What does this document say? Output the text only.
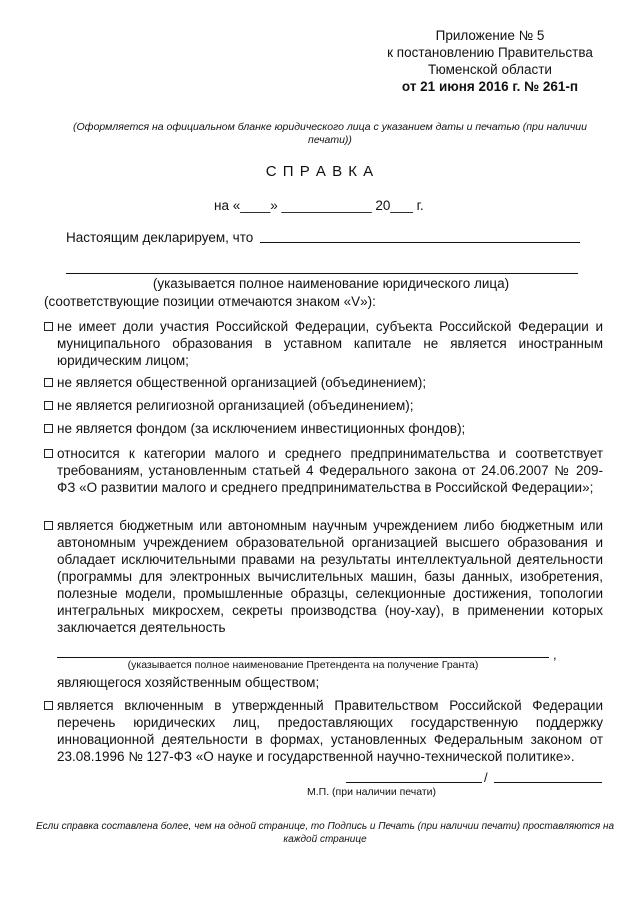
Приложение № 5
к постановлению Правительства
Тюменской области
от 21 июня 2016 г. № 261-п
(Оформляется на официальном бланке юридического лица с указанием даты и печатью (при наличии
печати))
С П Р А В К А
на «____» ____________ 20___ г.
Настоящим декларируем, что
(указывается полное наименование юридического лица)
(соответствующие позиции отмечаются знаком «V»):
не имеет доли участия Российской Федерации, субъекта Российской Федерации и муниципального образования в уставном капитале не является иностранным юридическим лицом;
не является общественной организацией (объединением);
не является религиозной организацией (объединением);
не является фондом (за исключением инвестиционных фондов);
относится к категории малого и среднего предпринимательства и соответствует требованиям, установленным статьей 4 Федерального закона от 24.06.2007 № 209-ФЗ «О развитии малого и среднего предпринимательства в Российской Федерации»;
является бюджетным или автономным научным учреждением либо бюджетным или автономным учреждением образовательной организацией высшего образования и обладает исключительными правами на результаты интеллектуальной деятельности (программы для электронных вычислительных машин, базы данных, изобретения, полезные модели, промышленные образцы, селекционные достижения, топологии интегральных микросхем, секреты производства (ноу-хау), в применении которых заключается деятельность
,
(указывается полное наименование Претендента на получение Гранта)
являющегося хозяйственным обществом;
является включенным в утвержденный Правительством Российской Федерации перечень юридических лиц, предоставляющих государственную поддержку инновационной деятельности в формах, установленных Федеральным законом от 23.08.1996 № 127-ФЗ «О науке и государственной научно-технической политике».
/
М.П. (при наличии печати)
Если справка составлена более, чем на одной странице, то Подпись и Печать (при наличии печати) проставляются на
каждой странице
